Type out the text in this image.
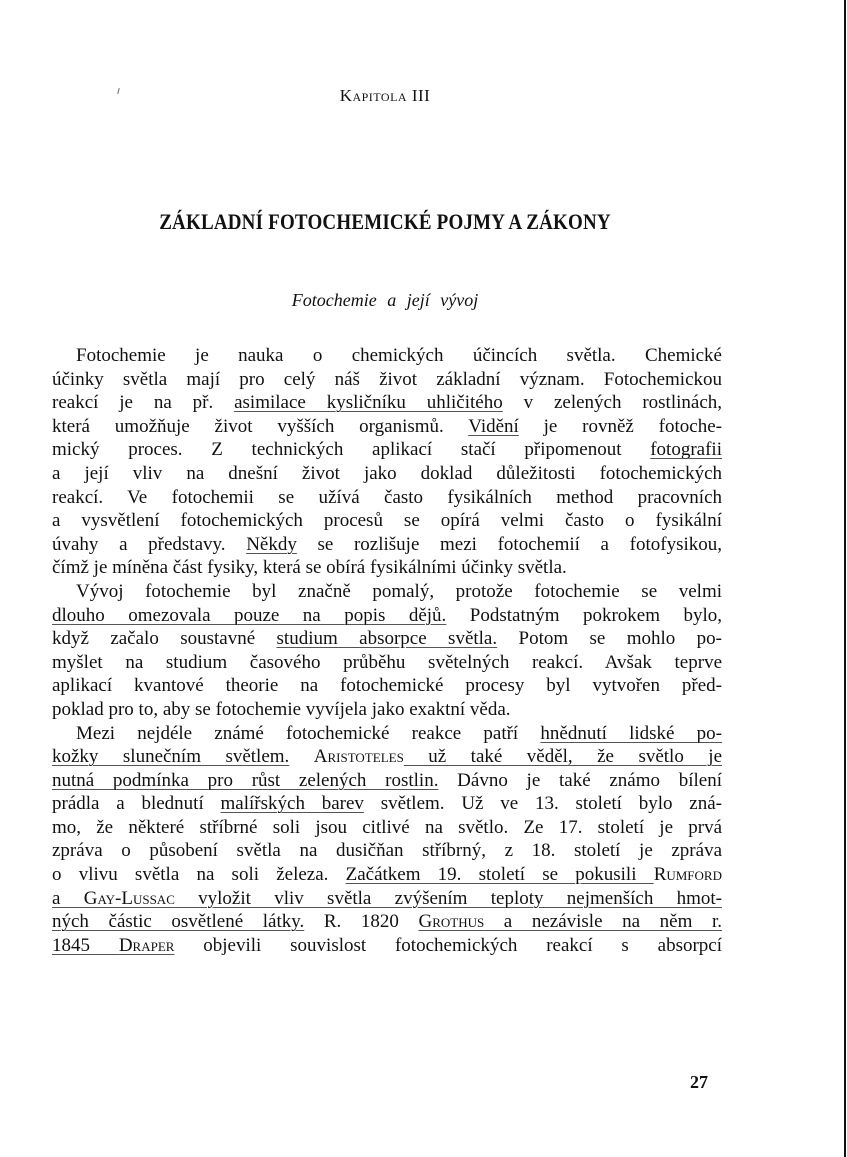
Kapitola III
ZÁKLADNÍ FOTOCHEMICKÉ POJMY A ZÁKONY
Fotochemie a její vývoj
Fotochemie je nauka o chemických účincích světla. Chemické
účinky světla mají pro celý náš život základní význam. Fotochemickou
reakcí je na př. asimilace kysličníku uhličitého v zelených rostlinách,
která umožňuje život vyšších organismů. Vidění je rovněž fotoche-
mický proces. Z technických aplikací stačí připomenout fotografii
a její vliv na dnešní život jako doklad důležitosti fotochemických
reakcí. Ve fotochemii se užívá často fysikálních method pracovních
a vysvětlení fotochemických procesů se opírá velmi často o fysikální
úvahy a představy. Někdy se rozlišuje mezi fotochemií a fotofysikou,
čímž je míněna část fysiky, která se obírá fysikálními účinky světla.
Vývoj fotochemie byl značně pomalý, protože fotochemie se velmi
dlouho omezovala pouze na popis dějů. Podstatným pokrokem bylo,
když začalo soustavné studium absorpce světla. Potom se mohlo po-
myšlet na studium časového průběhu světelných reakcí. Avšak teprve
aplikací kvantové theorie na fotochemické procesy byl vytvořen před-
poklad pro to, aby se fotochemie vyvíjela jako exaktní věda.
Mezi nejdéle známé fotochemické reakce patří hnědnutí lidské po-
kožky slunečním světlem. Aristoteles už také věděl, že světlo je
nutná podmínka pro růst zelených rostlin. Dávno je také známo bílení
prádla a blednutí malířských barev světlem. Už ve 13. století bylo zná-
mo, že některé stříbrné soli jsou citlivé na světlo. Ze 17. století je prvá
zpráva o působení světla na dusičňan stříbrný, z 18. století je zpráva
o vlivu světla na soli železa. Začátkem 19. století se pokusili Rumford
a Gay-Lussac vyložit vliv světla zvýšením teploty nejmenších hmot-
ných částic osvětlené látky. R. 1820 Grothus a nezávisle na něm r.
1845 Draper objevili souvislost fotochemických reakcí s absorpcí
27
